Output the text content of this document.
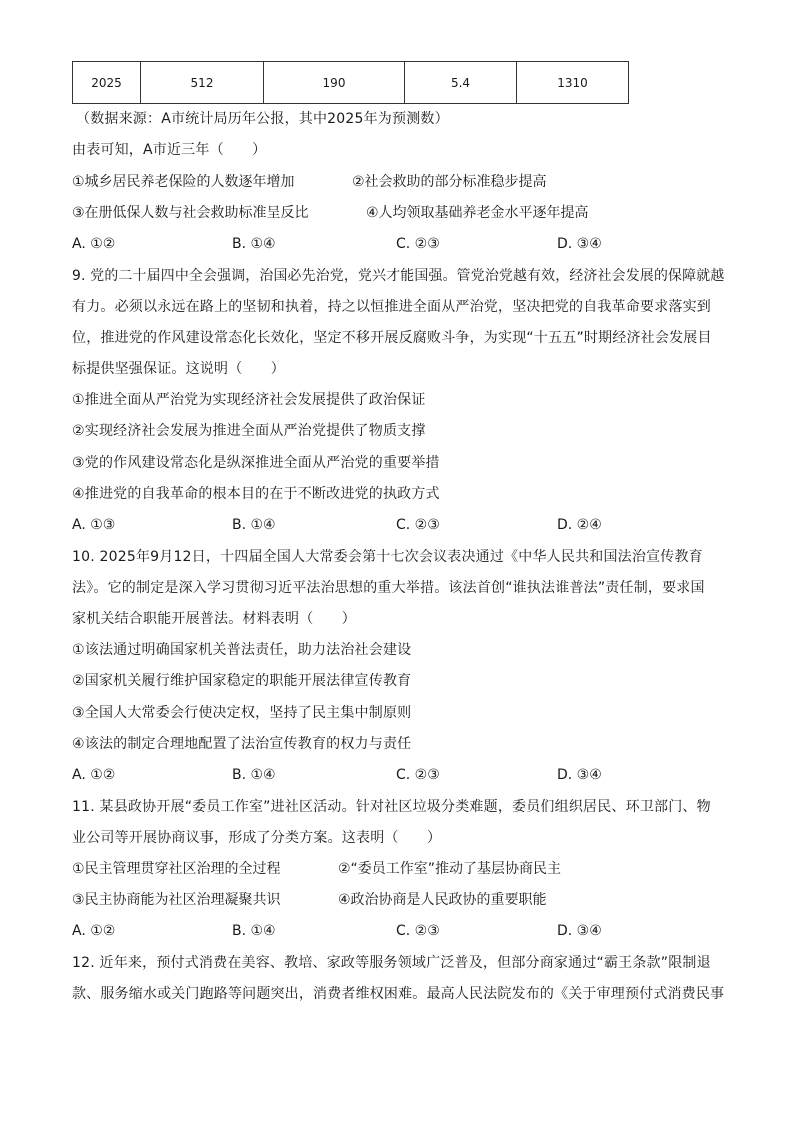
2025	512	190	5.4	1310
（数据来源：A市统计局历年公报，其中2025年为预测数）
由表可知，A市近三年（　　）
①城乡居民养老保险的人数逐年增加	②社会救助的部分标准稳步提高
③在册低保人数与社会救助标准呈反比	④人均领取基础养老金水平逐年提高
A. ①②	B. ①④	C. ②③	D. ③④
9. 党的二十届四中全会强调，治国必先治党，党兴才能国强。管党治党越有效，经济社会发展的保障就越
有力。必须以永远在路上的坚韧和执着，持之以恒推进全面从严治党，坚决把党的自我革命要求落实到
位，推进党的作风建设常态化长效化，坚定不移开展反腐败斗争，为实现“十五五”时期经济社会发展目
标提供坚强保证。这说明（　　）
①推进全面从严治党为实现经济社会发展提供了政治保证
②实现经济社会发展为推进全面从严治党提供了物质支撑
③党的作风建设常态化是纵深推进全面从严治党的重要举措
④推进党的自我革命的根本目的在于不断改进党的执政方式
A. ①③	B. ①④	C. ②③	D. ②④
10. 2025年9月12日，十四届全国人大常委会第十七次会议表决通过《中华人民共和国法治宣传教育
法》。它的制定是深入学习贯彻习近平法治思想的重大举措。该法首创“谁执法谁普法”责任制，要求国
家机关结合职能开展普法。材料表明（　　）
①该法通过明确国家机关普法责任，助力法治社会建设
②国家机关履行维护国家稳定的职能开展法律宣传教育
③全国人大常委会行使决定权，坚持了民主集中制原则
④该法的制定合理地配置了法治宣传教育的权力与责任
A. ①②	B. ①④	C. ②③	D. ③④
11. 某县政协开展“委员工作室”进社区活动。针对社区垃圾分类难题，委员们组织居民、环卫部门、物
业公司等开展协商议事，形成了分类方案。这表明（　　）
①民主管理贯穿社区治理的全过程	②“委员工作室”推动了基层协商民主
③民主协商能为社区治理凝聚共识	④政治协商是人民政协的重要职能
A. ①②	B. ①④	C. ②③	D. ③④
12. 近年来，预付式消费在美容、教培、家政等服务领域广泛普及，但部分商家通过“霸王条款”限制退
款、服务缩水或关门跑路等问题突出，消费者维权困难。最高人民法院发布的《关于审理预付式消费民事
